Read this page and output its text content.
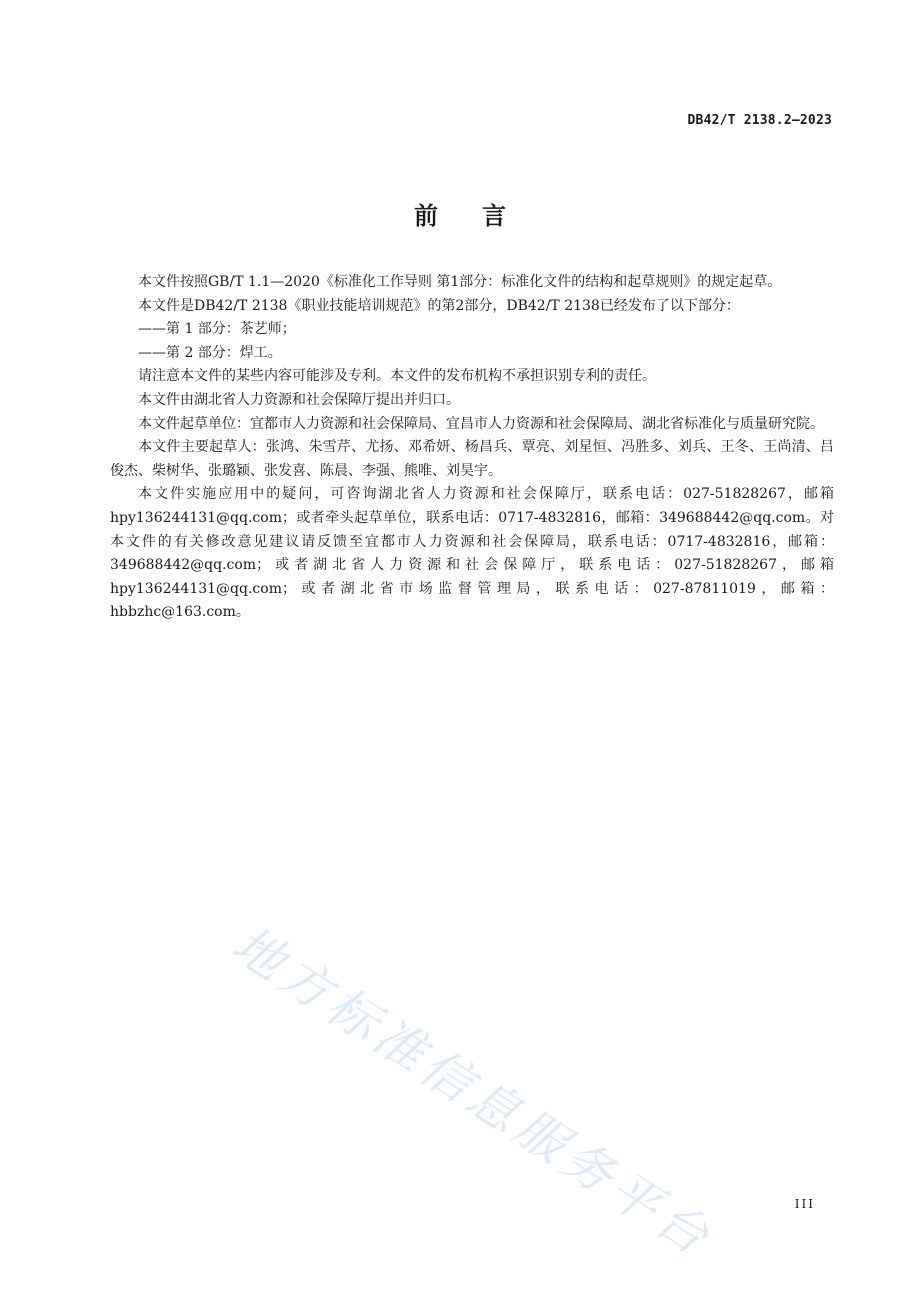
DB42/T 2138.2—2023
前言

本文件按照GB/T 1.1—2020《标准化工作导则 第1部分：标准化文件的结构和起草规则》的规定起草。

本文件是DB42/T 2138《职业技能培训规范》的第2部分，DB42/T 2138已经发布了以下部分：

——第 1 部分：茶艺师；

——第 2 部分：焊工。

请注意本文件的某些内容可能涉及专利。本文件的发布机构不承担识别专利的责任。

本文件由湖北省人力资源和社会保障厅提出并归口。

本文件起草单位：宜都市人力资源和社会保障局、宜昌市人力资源和社会保障局、湖北省标准化与质量研究院。

本文件主要起草人：张鸿、朱雪芹、尤扬、邓希妍、杨昌兵、覃亮、刘星恒、冯胜多、刘兵、王冬、王尚清、吕俊杰、柴树华、张璐颖、张发喜、陈晨、李强、熊唯、刘昊宇。

本文件实施应用中的疑问，可咨询湖北省人力资源和社会保障厅，联系电话：027-51828267，邮箱hpy136244131@qq.com；或者牵头起草单位，联系电话：0717-4832816，邮箱：349688442@qq.com。对本文件的有关修改意见建议请反馈至宜都市人力资源和社会保障局，联系电话：0717-4832816，邮箱：349688442@qq.com；或者湖北省人力资源和社会保障厅，联系电话：027-51828267，邮箱hpy136244131@qq.com；或者湖北省市场监督管理局，联系电话：027-87811019，邮箱：hbbzhc@163.com。

地方标准信息服务平台	III
